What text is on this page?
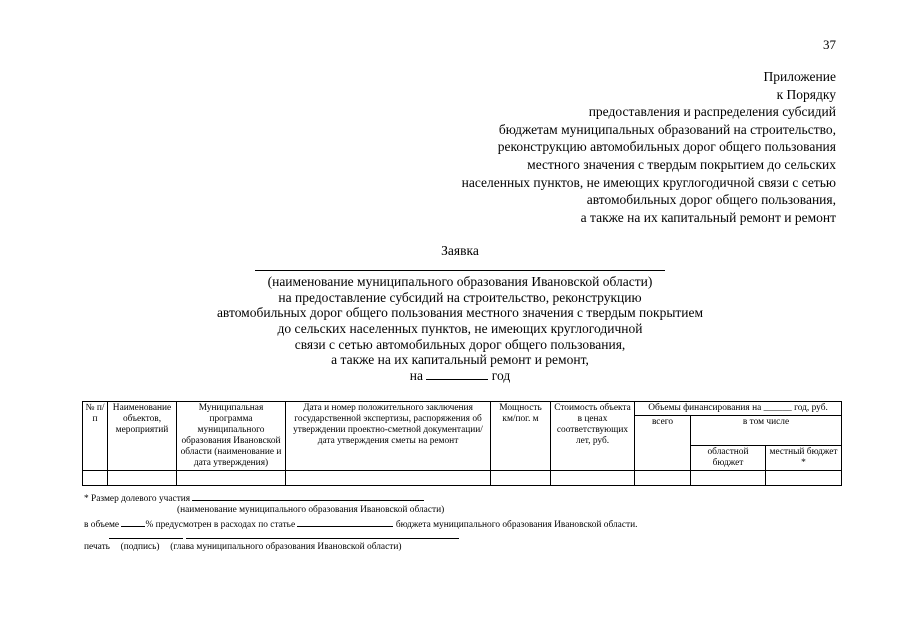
37
Приложение
к Порядку
предоставления и распределения субсидий
бюджетам муниципальных образований на строительство,
реконструкцию автомобильных дорог общего пользования
местного значения с твердым покрытием до сельских
населенных пунктов, не имеющих круглогодичной связи с сетью
автомобильных дорог общего пользования,
а также на их капитальный ремонт и ремонт
Заявка
(наименование муниципального образования Ивановской области)
на предоставление субсидий на строительство, реконструкцию
автомобильных дорог общего пользования местного значения с твердым покрытием
до сельских населенных пунктов, не имеющих круглогодичной
связи с сетью автомобильных дорог общего пользования,
а также на их капитальный ремонт и ремонт,
на	год
№ п/п	Наименование объектов, мероприятий	Муниципальная программа муниципального образования Ивановской области (наименование и дата утверждения)	Дата и номер положительного заключения государственной экспертизы, распоряжения об утверждении проектно-сметной документации/дата утверждения сметы на ремонт	Мощность км/пог. м	Стоимость объекта в ценах соответствующих лет, руб.	Объемы финансирования на ______ год, руб.		
						всего	в том числе	
							областной бюджет	местный бюджет *

* Размер долевого участия
(наименование муниципального образования Ивановской области)
в объеме	% предусмотрен в расходах по статье	бюджета муниципального образования Ивановской области.
печать (подпись) (глава муниципального образования Ивановской области)
